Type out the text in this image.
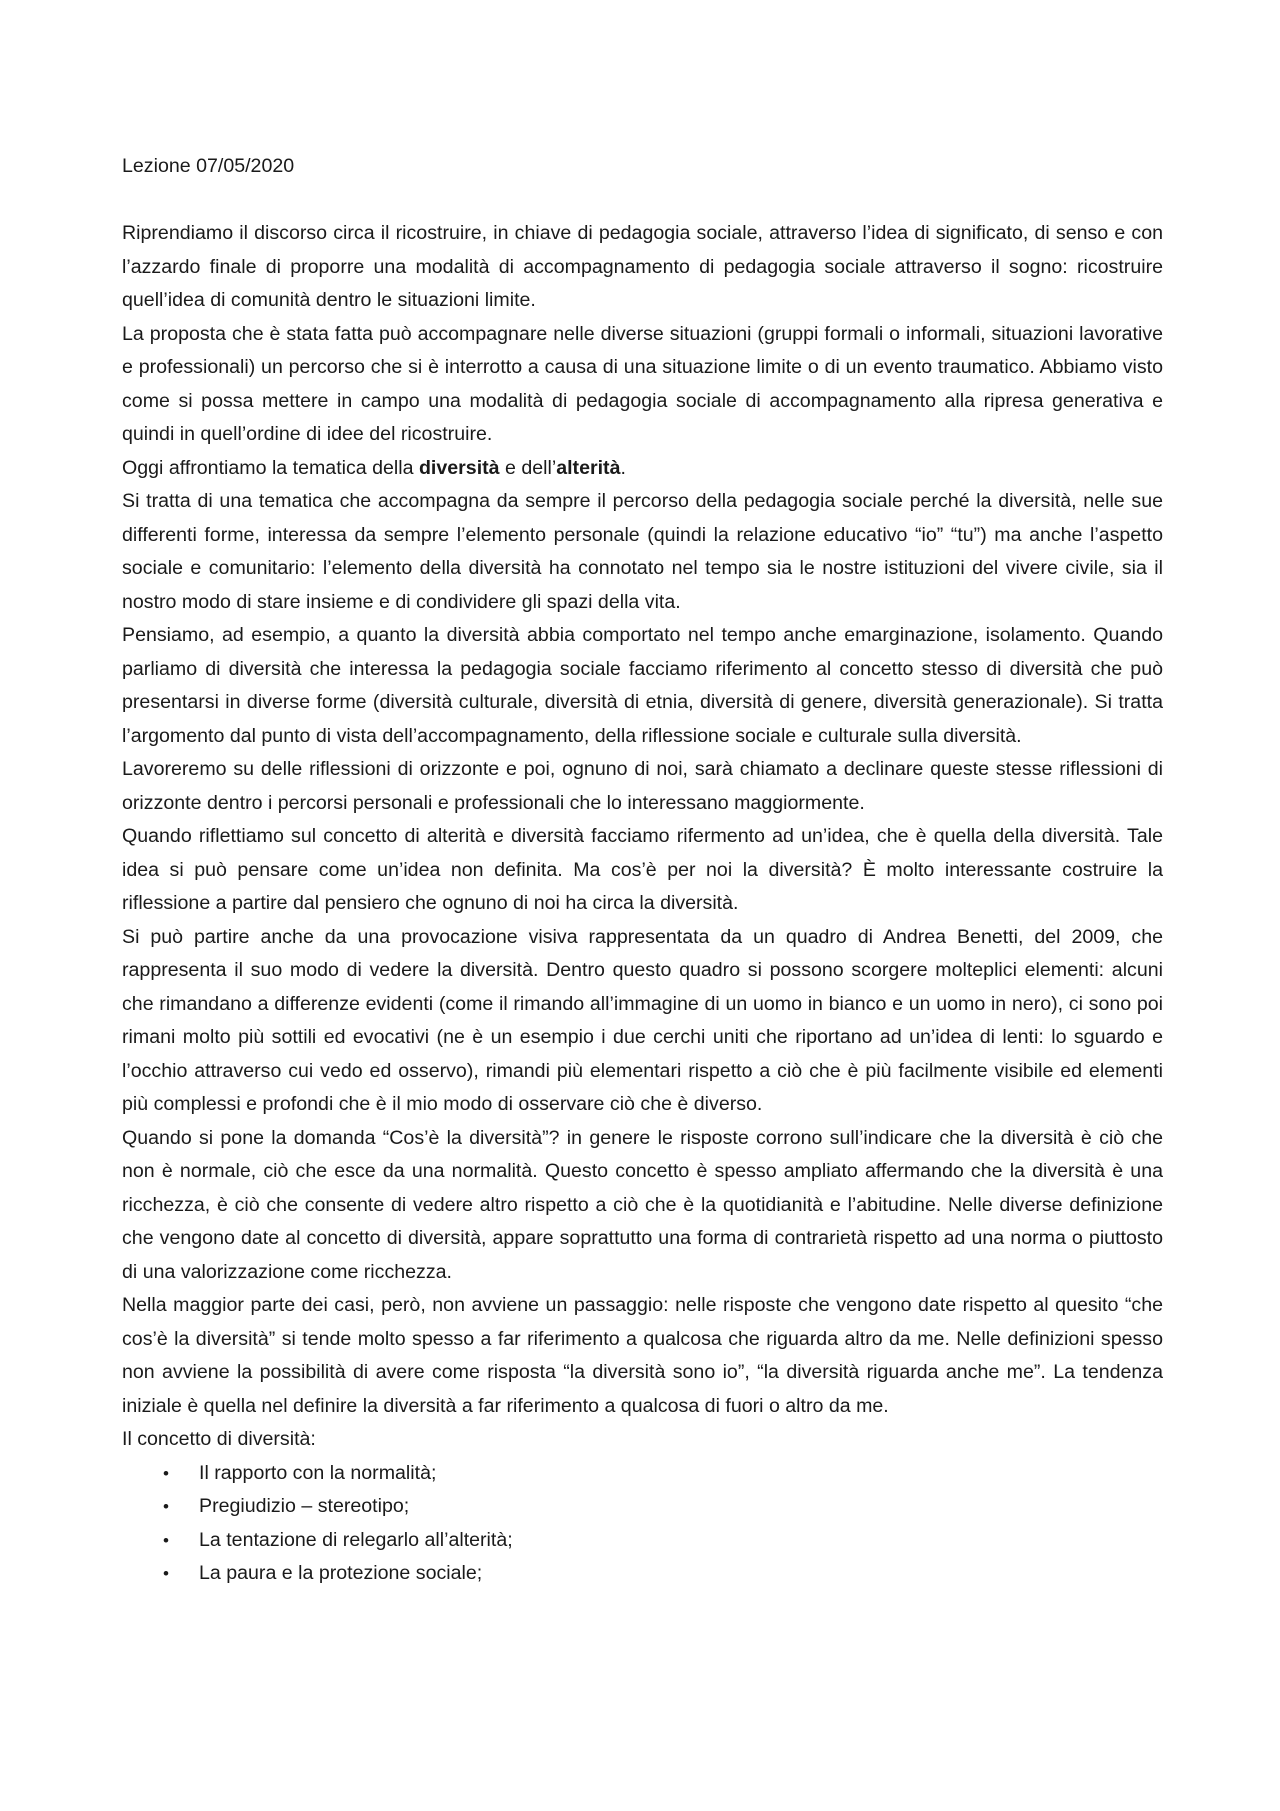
Lezione 07/05/2020

Riprendiamo il discorso circa il ricostruire, in chiave di pedagogia sociale, attraverso l’idea di significato, di senso e con l’azzardo finale di proporre una modalità di accompagnamento di pedagogia sociale attraverso il sogno: ricostruire quell’idea di comunità dentro le situazioni limite.

La proposta che è stata fatta può accompagnare nelle diverse situazioni (gruppi formali o informali, situazioni lavorative e professionali) un percorso che si è interrotto a causa di una situazione limite o di un evento traumatico. Abbiamo visto come si possa mettere in campo una modalità di pedagogia sociale di accompagnamento alla ripresa generativa e quindi in quell’ordine di idee del ricostruire.

Oggi affrontiamo la tematica della diversità e dell’alterità.

Si tratta di una tematica che accompagna da sempre il percorso della pedagogia sociale perché la diversità, nelle sue differenti forme, interessa da sempre l’elemento personale (quindi la relazione educativo “io” “tu”) ma anche l’aspetto sociale e comunitario: l’elemento della diversità ha connotato nel tempo sia le nostre istituzioni del vivere civile, sia il nostro modo di stare insieme e di condividere gli spazi della vita.

Pensiamo, ad esempio, a quanto la diversità abbia comportato nel tempo anche emarginazione, isolamento. Quando parliamo di diversità che interessa la pedagogia sociale facciamo riferimento al concetto stesso di diversità che può presentarsi in diverse forme (diversità culturale, diversità di etnia, diversità di genere, diversità generazionale). Si tratta l’argomento dal punto di vista dell’accompagnamento, della riflessione sociale e culturale sulla diversità.

Lavoreremo su delle riflessioni di orizzonte e poi, ognuno di noi, sarà chiamato a declinare queste stesse riflessioni di orizzonte dentro i percorsi personali e professionali che lo interessano maggiormente.

Quando riflettiamo sul concetto di alterità e diversità facciamo rifermento ad un’idea, che è quella della diversità. Tale idea si può pensare come un’idea non definita. Ma cos’è per noi la diversità? È molto interessante costruire la riflessione a partire dal pensiero che ognuno di noi ha circa la diversità.

Si può partire anche da una provocazione visiva rappresentata da un quadro di Andrea Benetti, del 2009, che rappresenta il suo modo di vedere la diversità. Dentro questo quadro si possono scorgere molteplici elementi: alcuni che rimandano a differenze evidenti (come il rimando all’immagine di un uomo in bianco e un uomo in nero), ci sono poi rimani molto più sottili ed evocativi (ne è un esempio i due cerchi uniti che riportano ad un’idea di lenti: lo sguardo e l’occhio attraverso cui vedo ed osservo), rimandi più elementari rispetto a ciò che è più facilmente visibile ed elementi più complessi e profondi che è il mio modo di osservare ciò che è diverso.

Quando si pone la domanda “Cos’è la diversità”? in genere le risposte corrono sull’indicare che la diversità è ciò che non è normale, ciò che esce da una normalità. Questo concetto è spesso ampliato affermando che la diversità è una ricchezza, è ciò che consente di vedere altro rispetto a ciò che è la quotidianità e l’abitudine. Nelle diverse definizione che vengono date al concetto di diversità, appare soprattutto una forma di contrarietà rispetto ad una norma o piuttosto di una valorizzazione come ricchezza.

Nella maggior parte dei casi, però, non avviene un passaggio: nelle risposte che vengono date rispetto al quesito “che cos’è la diversità” si tende molto spesso a far riferimento a qualcosa che riguarda altro da me. Nelle definizioni spesso non avviene la possibilità di avere come risposta “la diversità sono io”, “la diversità riguarda anche me”. La tendenza iniziale è quella nel definire la diversità a far riferimento a qualcosa di fuori o altro da me.

Il concetto di diversità:

• Il rapporto con la normalità;
• Pregiudizio – stereotipo;
• La tentazione di relegarlo all’alterità;
• La paura e la protezione sociale;
